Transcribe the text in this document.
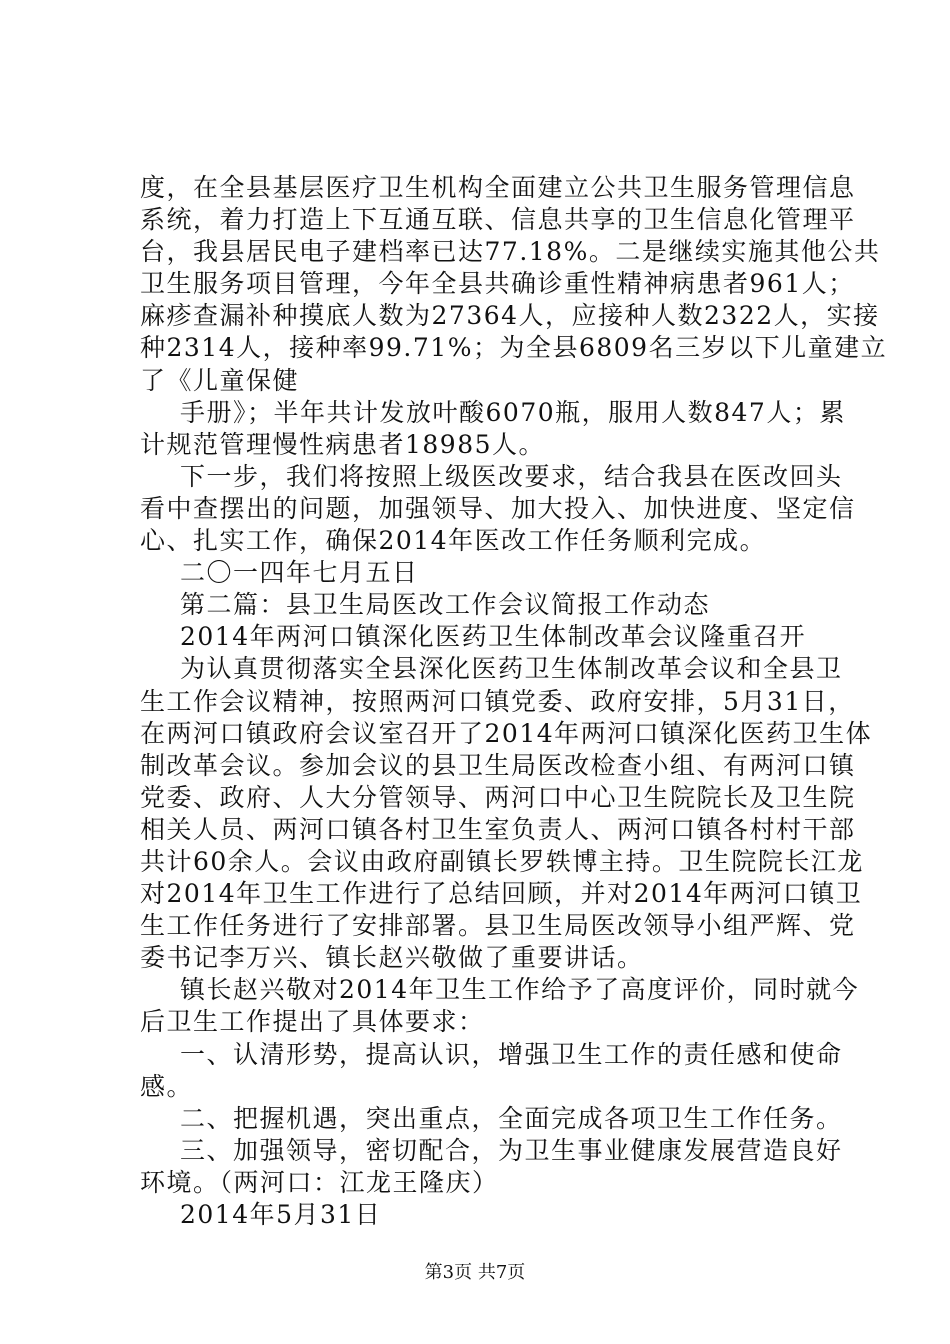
度，在全县基层医疗卫生机构全面建立公共卫生服务管理信息
系统，着力打造上下互通互联、信息共享的卫生信息化管理平
台，我县居民电子建档率已达77.18%。二是继续实施其他公共
卫生服务项目管理，今年全县共确诊重性精神病患者961人；
麻疹查漏补种摸底人数为27364人，应接种人数2322人，实接
种2314人，接种率99.71%；为全县6809名三岁以下儿童建立
了《儿童保健
手册》；半年共计发放叶酸6070瓶，服用人数847人；累
计规范管理慢性病患者18985人。
下一步，我们将按照上级医改要求，结合我县在医改回头
看中查摆出的问题，加强领导、加大投入、加快进度、坚定信
心、扎实工作，确保2014年医改工作任务顺利完成。
二〇一四年七月五日
第二篇：县卫生局医改工作会议简报工作动态
2014年两河口镇深化医药卫生体制改革会议隆重召开
为认真贯彻落实全县深化医药卫生体制改革会议和全县卫
生工作会议精神，按照两河口镇党委、政府安排，5月31日，
在两河口镇政府会议室召开了2014年两河口镇深化医药卫生体
制改革会议。参加会议的县卫生局医改检查小组、有两河口镇
党委、政府、人大分管领导、两河口中心卫生院院长及卫生院
相关人员、两河口镇各村卫生室负责人、两河口镇各村村干部
共计60余人。会议由政府副镇长罗轶博主持。卫生院院长江龙
对2014年卫生工作进行了总结回顾，并对2014年两河口镇卫
生工作任务进行了安排部署。县卫生局医改领导小组严辉、党
委书记李万兴、镇长赵兴敬做了重要讲话。
镇长赵兴敬对2014年卫生工作给予了高度评价，同时就今
后卫生工作提出了具体要求：
一、认清形势，提高认识，增强卫生工作的责任感和使命
感。
二、把握机遇，突出重点，全面完成各项卫生工作任务。
三、加强领导，密切配合，为卫生事业健康发展营造良好
环境。（两河口：江龙王隆庆）
2014年5月31日
第3页 共7页
